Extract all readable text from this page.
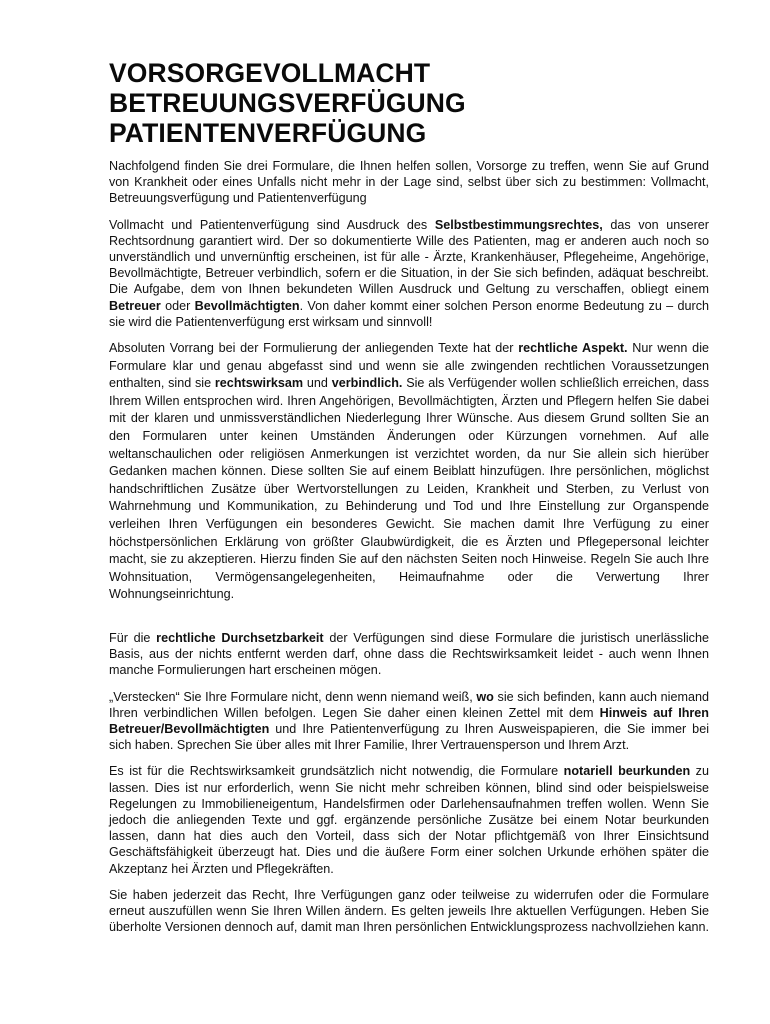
VORSORGEVOLLMACHT
BETREUUNGSVERFÜGUNG
PATIENTENVERFÜGUNG

Nachfolgend finden Sie drei Formulare, die Ihnen helfen sollen, Vorsorge zu treffen, wenn Sie auf Grund von Krankheit oder eines Unfalls nicht mehr in der Lage sind, selbst über sich zu bestimmen: Vollmacht, Betreuungsverfügung und Patientenverfügung

Vollmacht und Patientenverfügung sind Ausdruck des Selbstbestimmungsrechtes, das von unserer Rechtsordnung garantiert wird. Der so dokumentierte Wille des Patienten, mag er anderen auch noch so unverständlich und unvernünftig erscheinen, ist für alle - Ärzte, Krankenhäuser, Pflegeheime, Angehörige, Bevollmächtigte, Betreuer verbindlich, sofern er die Situation, in der Sie sich befinden, adäquat beschreibt. Die Aufgabe, dem von Ihnen bekundeten Willen Ausdruck und Geltung zu verschaffen, obliegt einem Betreuer oder Bevollmächtigten. Von daher kommt einer solchen Person enorme Bedeutung zu – durch sie wird die Patientenverfügung erst wirksam und sinnvoll!

Absoluten Vorrang bei der Formulierung der anliegenden Texte hat der rechtliche Aspekt. Nur wenn die Formulare klar und genau abgefasst sind und wenn sie alle zwingenden rechtlichen Voraussetzungen enthalten, sind sie rechtswirksam und verbindlich. Sie als Verfügender wollen schließlich erreichen, dass Ihrem Willen entsprochen wird. Ihren Angehörigen, Bevollmächtigten, Ärzten und Pflegern helfen Sie dabei mit der klaren und unmissverständlichen Niederlegung Ihrer Wünsche. Aus diesem Grund sollten Sie an den Formularen unter keinen Umständen Änderungen oder Kürzungen vornehmen. Auf alle weltanschaulichen oder religiösen Anmerkungen ist verzichtet worden, da nur Sie allein sich hierüber Gedanken machen können. Diese sollten Sie auf einem Beiblatt hinzufügen. Ihre persönlichen, möglichst handschriftlichen Zusätze über Wertvorstellungen zu Leiden, Krankheit und Sterben, zu Verlust von Wahrnehmung und Kommunikation, zu Behinderung und Tod und Ihre Einstellung zur Organspende verleihen Ihren Verfügungen ein besonderes Gewicht. Sie machen damit Ihre Verfügung zu einer höchstpersönlichen Erklärung von größter Glaubwürdigkeit, die es Ärzten und Pflegepersonal leichter macht, sie zu akzeptieren. Hierzu finden Sie auf den nächsten Seiten noch Hinweise. Regeln Sie auch Ihre Wohnsituation, Vermögensangelegenheiten, Heimaufnahme oder die Verwertung Ihrer Wohnungseinrichtung.

Für die rechtliche Durchsetzbarkeit der Verfügungen sind diese Formulare die juristisch unerlässliche Basis, aus der nichts entfernt werden darf, ohne dass die Rechtswirksamkeit leidet - auch wenn Ihnen manche Formulierungen hart erscheinen mögen.

„Verstecken“ Sie Ihre Formulare nicht, denn wenn niemand weiß, wo sie sich befinden, kann auch niemand Ihren verbindlichen Willen befolgen. Legen Sie daher einen kleinen Zettel mit dem Hinweis auf Ihren Betreuer/Bevollmächtigten und Ihre Patientenverfügung zu Ihren Ausweispapieren, die Sie immer bei sich haben. Sprechen Sie über alles mit Ihrer Familie, Ihrer Vertrauensperson und Ihrem Arzt.

Es ist für die Rechtswirksamkeit grundsätzlich nicht notwendig, die Formulare notariell beurkunden zu lassen. Dies ist nur erforderlich, wenn Sie nicht mehr schreiben können, blind sind oder beispielsweise Regelungen zu Immobilieneigentum, Handelsfirmen oder Darlehensaufnahmen treffen wollen. Wenn Sie jedoch die anliegenden Texte und ggf. ergänzende persönliche Zusätze bei einem Notar beurkunden lassen, dann hat dies auch den Vorteil, dass sich der Notar pflichtgemäß von Ihrer Einsichtsund Geschäftsfähigkeit überzeugt hat. Dies und die äußere Form einer solchen Urkunde erhöhen später die Akzeptanz hei Ärzten und Pflegekräften.

Sie haben jederzeit das Recht, Ihre Verfügungen ganz oder teilweise zu widerrufen oder die Formulare erneut auszufüllen wenn Sie Ihren Willen ändern. Es gelten jeweils Ihre aktuellen Verfügungen. Heben Sie überholte Versionen dennoch auf, damit man Ihren persönlichen Entwicklungsprozess nachvollziehen kann.
